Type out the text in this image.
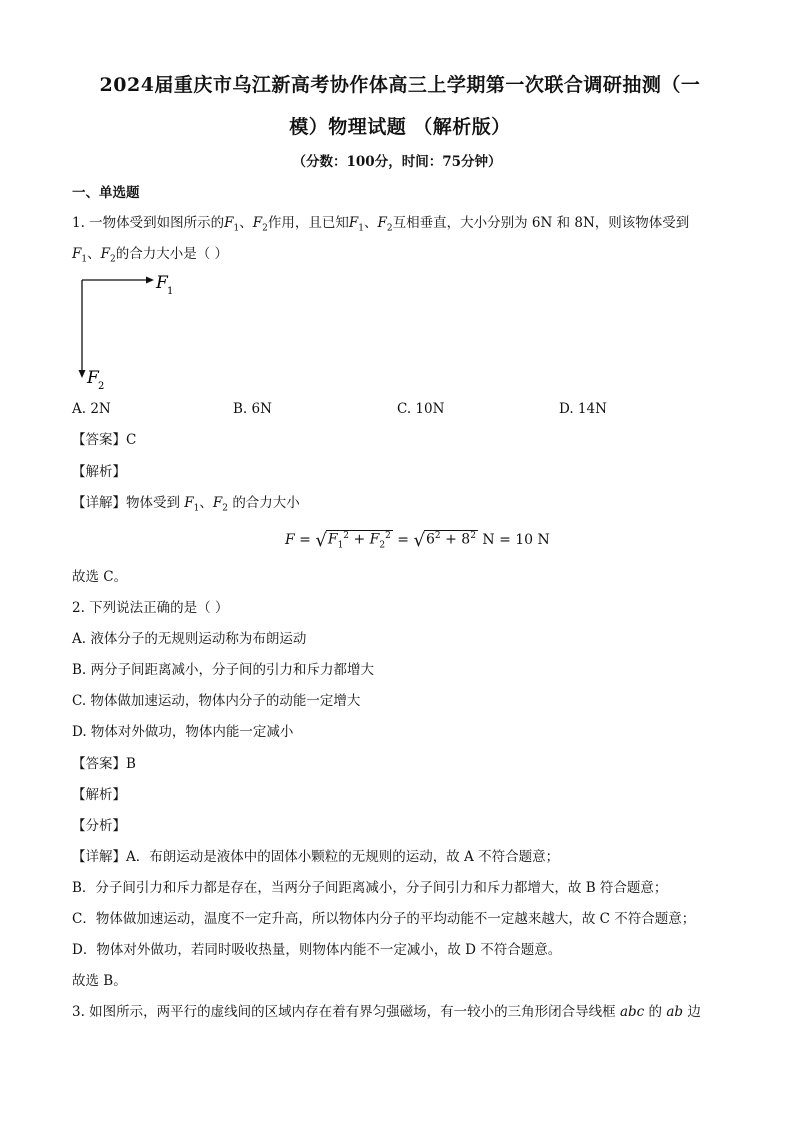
2024届重庆市乌江新高考协作体高三上学期第一次联合调研抽测（一
模）物理试题 （解析版）
（分数：100分，时间：75分钟）
一、单选题
1. 一物体受到如图所示的$F_1$、$F_2$作用，且已知$F_1$、$F_2$互相垂直，大小分别为 6N 和 8N，则该物体受到
$F_1$、$F_2$的合力大小是（ ）
F 1
F 2
A. 2N	B. 6N	C. 10N	D. 14N
【答案】C
【解析】
【详解】物体受到 $F_1$、$F_2$ 的合力大小
$F = √F_1^2 + F_2^2 = √6^2 + 8^2$ N = 10 N
故选 C。
2. 下列说法正确的是（ ）
A. 液体分子的无规则运动称为布朗运动
B. 两分子间距离减小，分子间的引力和斥力都增大
C. 物体做加速运动，物体内分子的动能一定增大
D. 物体对外做功，物体内能一定减小
【答案】B
【解析】
【分析】
【详解】A．布朗运动是液体中的固体小颗粒的无规则的运动，故 A 不符合题意；
B．分子间引力和斥力都是存在，当两分子间距离减小，分子间引力和斥力都增大，故 B 符合题意；
C．物体做加速运动，温度不一定升高，所以物体内分子的平均动能不一定越来越大，故 C 不符合题意；
D．物体对外做功，若同时吸收热量，则物体内能不一定减小，故 D 不符合题意。
故选 B。
3. 如图所示，两平行的虚线间的区域内存在着有界匀强磁场，有一较小的三角形闭合导线框 abc 的 ab 边
